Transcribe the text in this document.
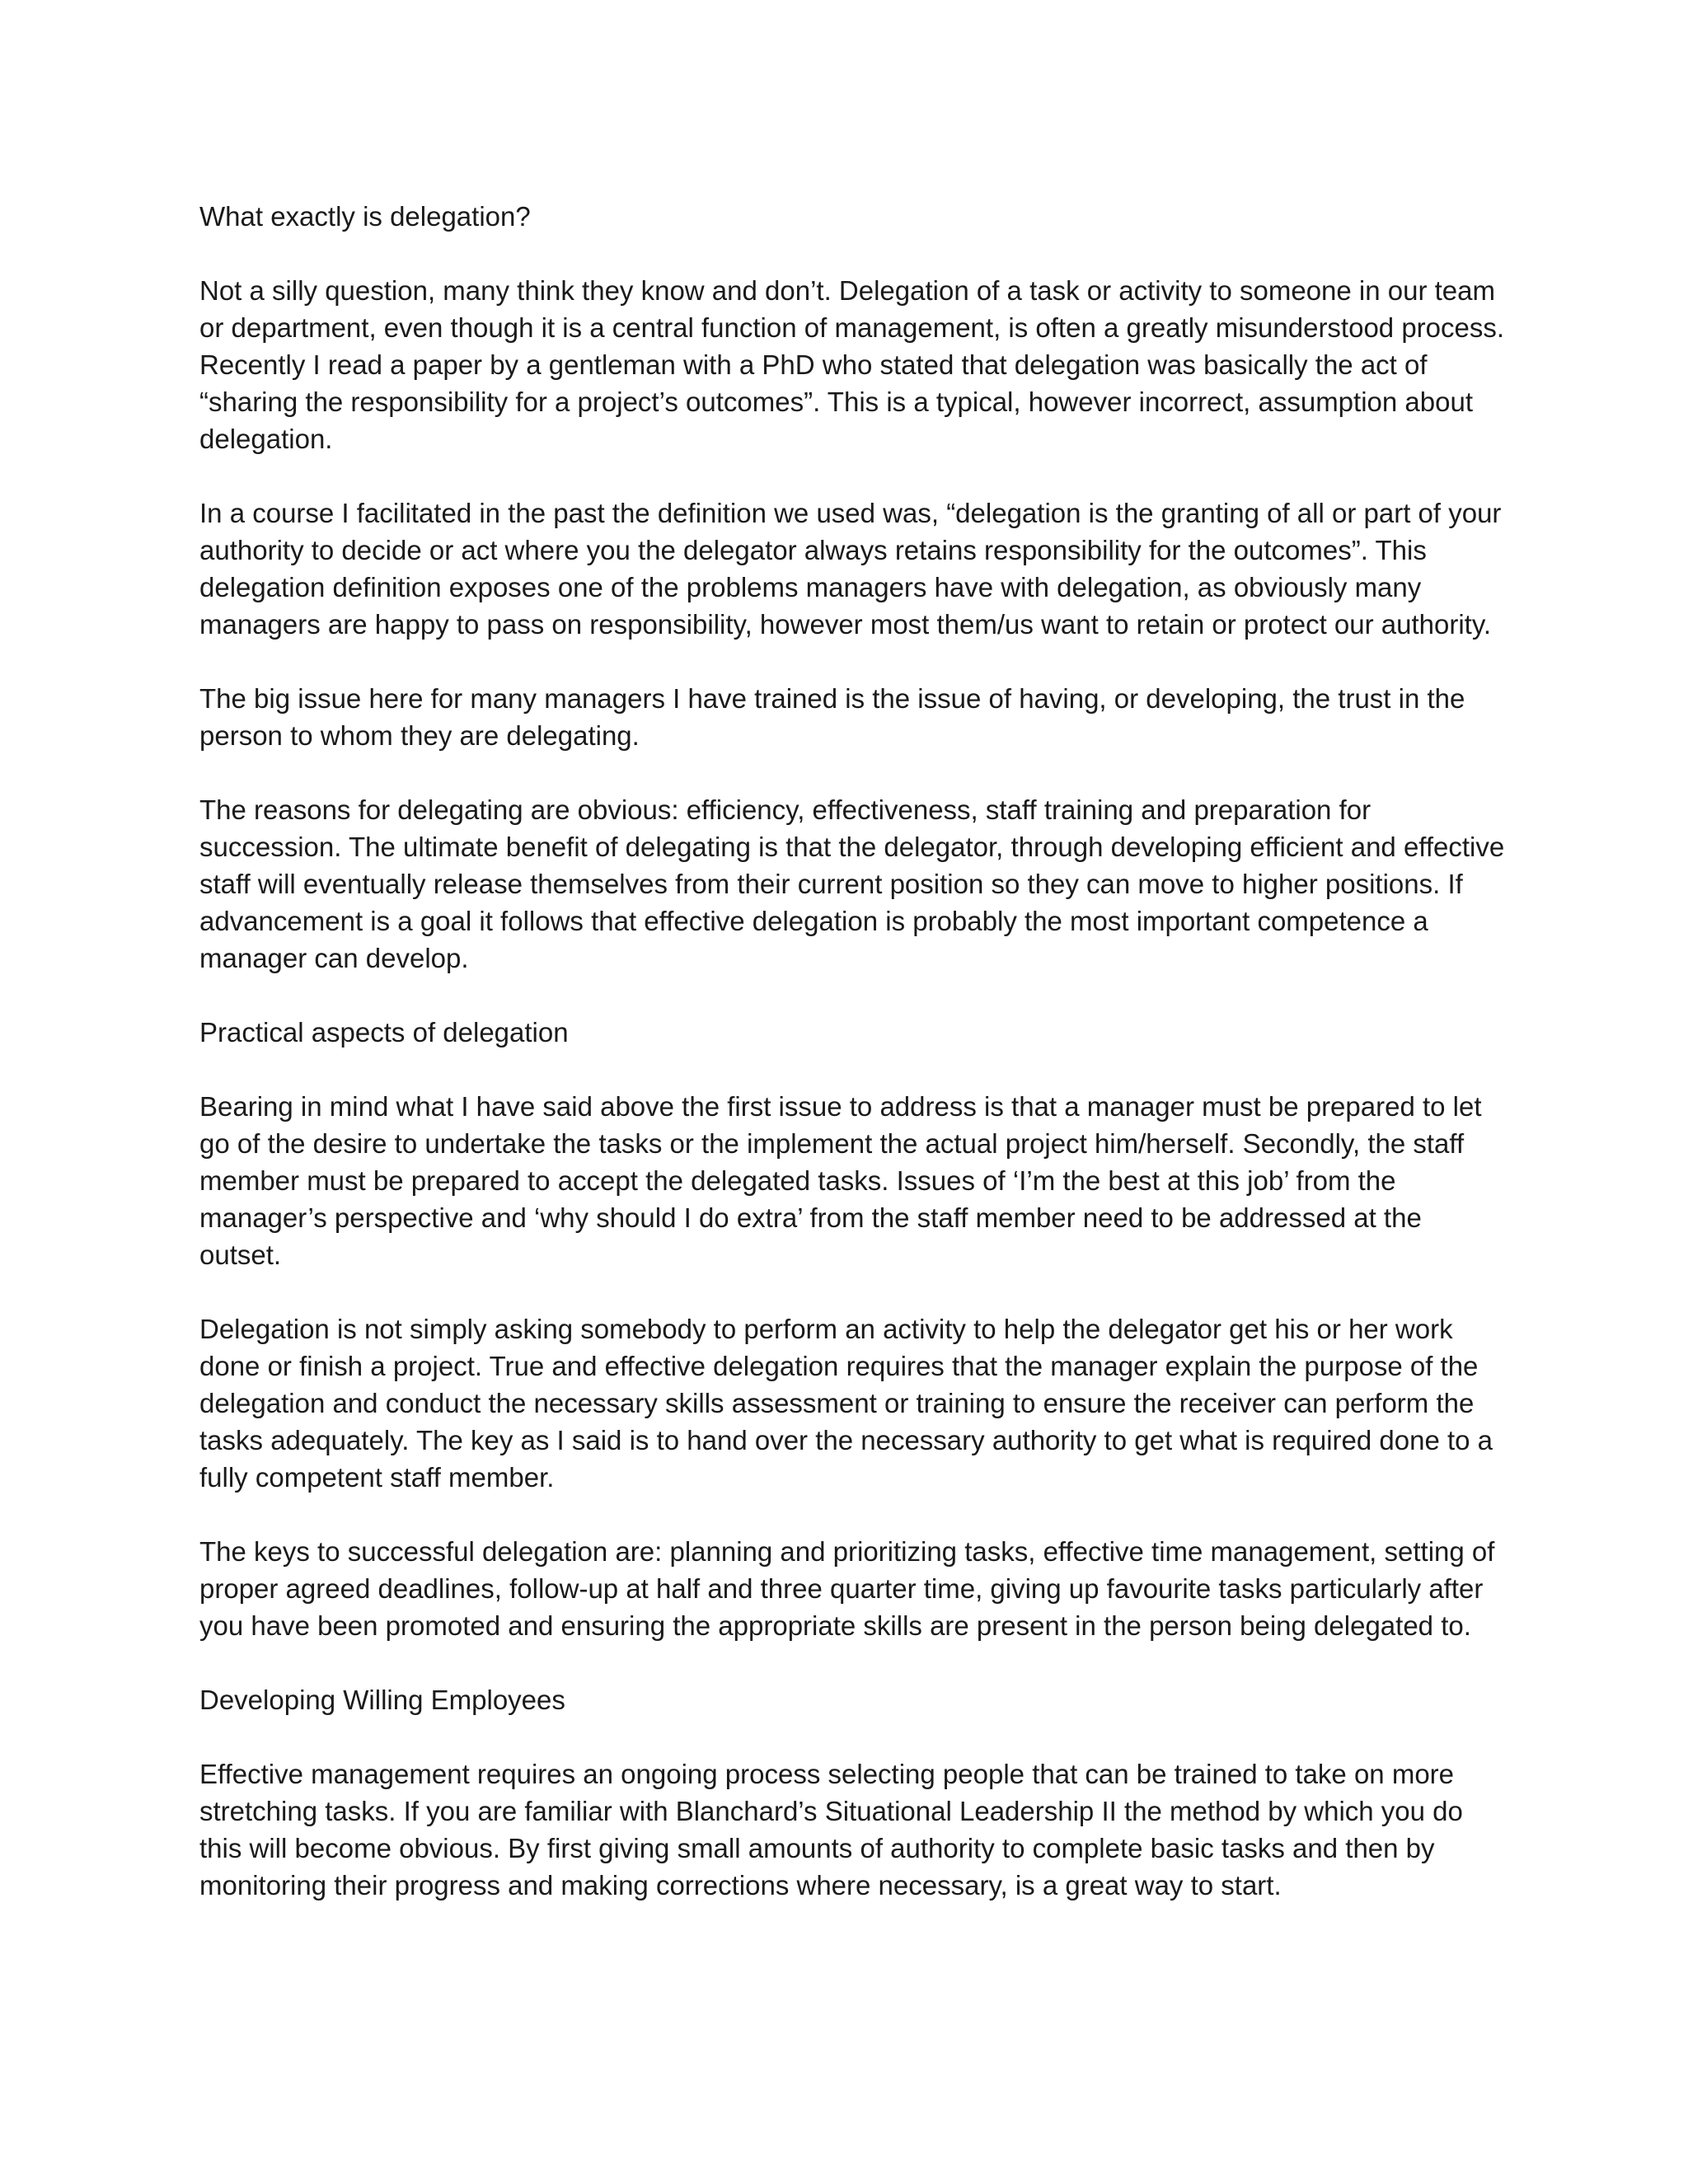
What exactly is delegation?

Not a silly question, many think they know and don’t. Delegation of a task or activity to someone in our team or department, even though it is a central function of management, is often a greatly misunderstood process. Recently I read a paper by a gentleman with a PhD who stated that delegation was basically the act of “sharing the responsibility for a project’s outcomes”. This is a typical, however incorrect, assumption about delegation.

In a course I facilitated in the past the definition we used was, “delegation is the granting of all or part of your authority to decide or act where you the delegator always retains responsibility for the outcomes”. This delegation definition exposes one of the problems managers have with delegation, as obviously many managers are happy to pass on responsibility, however most them/us want to retain or protect our authority.

The big issue here for many managers I have trained is the issue of having, or developing, the trust in the person to whom they are delegating.

The reasons for delegating are obvious: efficiency, effectiveness, staff training and preparation for succession. The ultimate benefit of delegating is that the delegator, through developing efficient and effective staff will eventually release themselves from their current position so they can move to higher positions. If advancement is a goal it follows that effective delegation is probably the most important competence a manager can develop.

Practical aspects of delegation

Bearing in mind what I have said above the first issue to address is that a manager must be prepared to let go of the desire to undertake the tasks or the implement the actual project him/herself. Secondly, the staff member must be prepared to accept the delegated tasks. Issues of ‘I’m the best at this job’ from the manager’s perspective and ‘why should I do extra’ from the staff member need to be addressed at the outset.

Delegation is not simply asking somebody to perform an activity to help the delegator get his or her work done or finish a project. True and effective delegation requires that the manager explain the purpose of the delegation and conduct the necessary skills assessment or training to ensure the receiver can perform the tasks adequately. The key as I said is to hand over the necessary authority to get what is required done to a fully competent staff member.

The keys to successful delegation are: planning and prioritizing tasks, effective time management, setting of proper agreed deadlines, follow-up at half and three quarter time, giving up favourite tasks particularly after you have been promoted and ensuring the appropriate skills are present in the person being delegated to.

Developing Willing Employees

Effective management requires an ongoing process selecting people that can be trained to take on more stretching tasks. If you are familiar with Blanchard’s Situational Leadership II the method by which you do this will become obvious. By first giving small amounts of authority to complete basic tasks and then by monitoring their progress and making corrections where necessary, is a great way to start.
